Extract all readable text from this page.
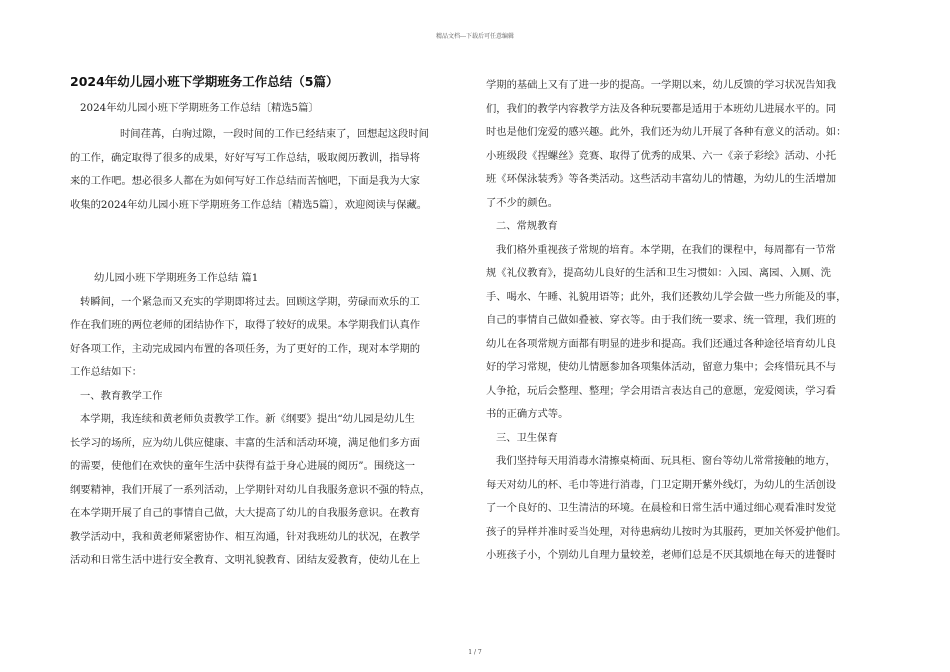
精品文档---下载后可任意编辑
2024年幼儿园小班下学期班务工作总结（5篇）
2024年幼儿园小班下学期班务工作总结〔精选5篇〕
时间荏苒，白驹过隙，一段时间的工作已经结束了，回想起这段时间
的工作，确定取得了很多的成果，好好写写工作总结，吸取阅历教训，指导将
来的工作吧。想必很多人都在为如何写好工作总结而苦恼吧，下面是我为大家
收集的2024年幼儿园小班下学期班务工作总结〔精选5篇〕，欢迎阅读与保藏。
幼儿园小班下学期班务工作总结 篇1
转瞬间，一个紧急而又充实的学期即将过去。回顾这学期，劳碌而欢乐的工
作在我们班的两位老师的团结协作下，取得了较好的成果。本学期我们认真作
好各项工作，主动完成园内布置的各项任务，为了更好的工作，现对本学期的
工作总结如下：
一、教育教学工作
本学期，我连续和黄老师负责教学工作。新《纲要》提出“幼儿园是幼儿生
长学习的场所，应为幼儿供应健康、丰富的生活和活动环境，满足他们多方面
的需要，使他们在欢快的童年生活中获得有益于身心进展的阅历”。围绕这一
纲要精神，我们开展了一系列活动，上学期针对幼儿自我服务意识不强的特点，
在本学期开展了自己的事情自己做，大大提高了幼儿的自我服务意识。在教育
教学活动中，我和黄老师紧密协作、相互沟通，针对我班幼儿的状况，在教学
活动和日常生活中进行安全教育、文明礼貌教育、团结友爱教育，使幼儿在上
学期的基础上又有了进一步的提高。一学期以来，幼儿反馈的学习状况告知我
们，我们的教学内容教学方法及各种玩要都是适用于本班幼儿进展水平的。同
时也是他们宠爱的感兴趣。此外，我们还为幼儿开展了各种有意义的活动。如：
小班级段《捏螺丝》竞赛、取得了优秀的成果、六一《亲子彩绘》活动、小托
班《环保泳装秀》等各类活动。这些活动丰富幼儿的情趣，为幼儿的生活增加
了不少的颜色。
二、常规教育
我们格外重视孩子常规的培育。本学期，在我们的课程中，每周都有一节常
规《礼仪教育》，提高幼儿良好的生活和卫生习惯如：入园、离园、入厕、洗
手、喝水、午睡、礼貌用语等；此外，我们还教幼儿学会做一些力所能及的事，
自己的事情自己做如叠被、穿衣等。由于我们统一要求、统一管理，我们班的
幼儿在各项常规方面都有明显的进步和提高。我们还通过各种途径培育幼儿良
好的学习常规，使幼儿情愿参加各项集体活动，留意力集中；会疼惜玩具不与
人争抢，玩后会整理、整理；学会用语言表达自己的意愿，宠爱阅读，学习看
书的正确方式等。
三、卫生保育
我们坚持每天用消毒水清擦桌椅面、玩具柜、窗台等幼儿常常接触的地方，
每天对幼儿的杯、毛巾等进行消毒，门卫定期开紫外线灯，为幼儿的生活创设
了一个良好的、卫生清洁的环境。在晨检和日常生活中通过细心观看准时发觉
孩子的异样并准时妥当处理，对待患病幼儿按时为其服药，更加关怀爱护他们。
小班孩子小，个别幼儿自理力量较差，老师们总是不厌其烦地在每天的进餐时
1 / 7
